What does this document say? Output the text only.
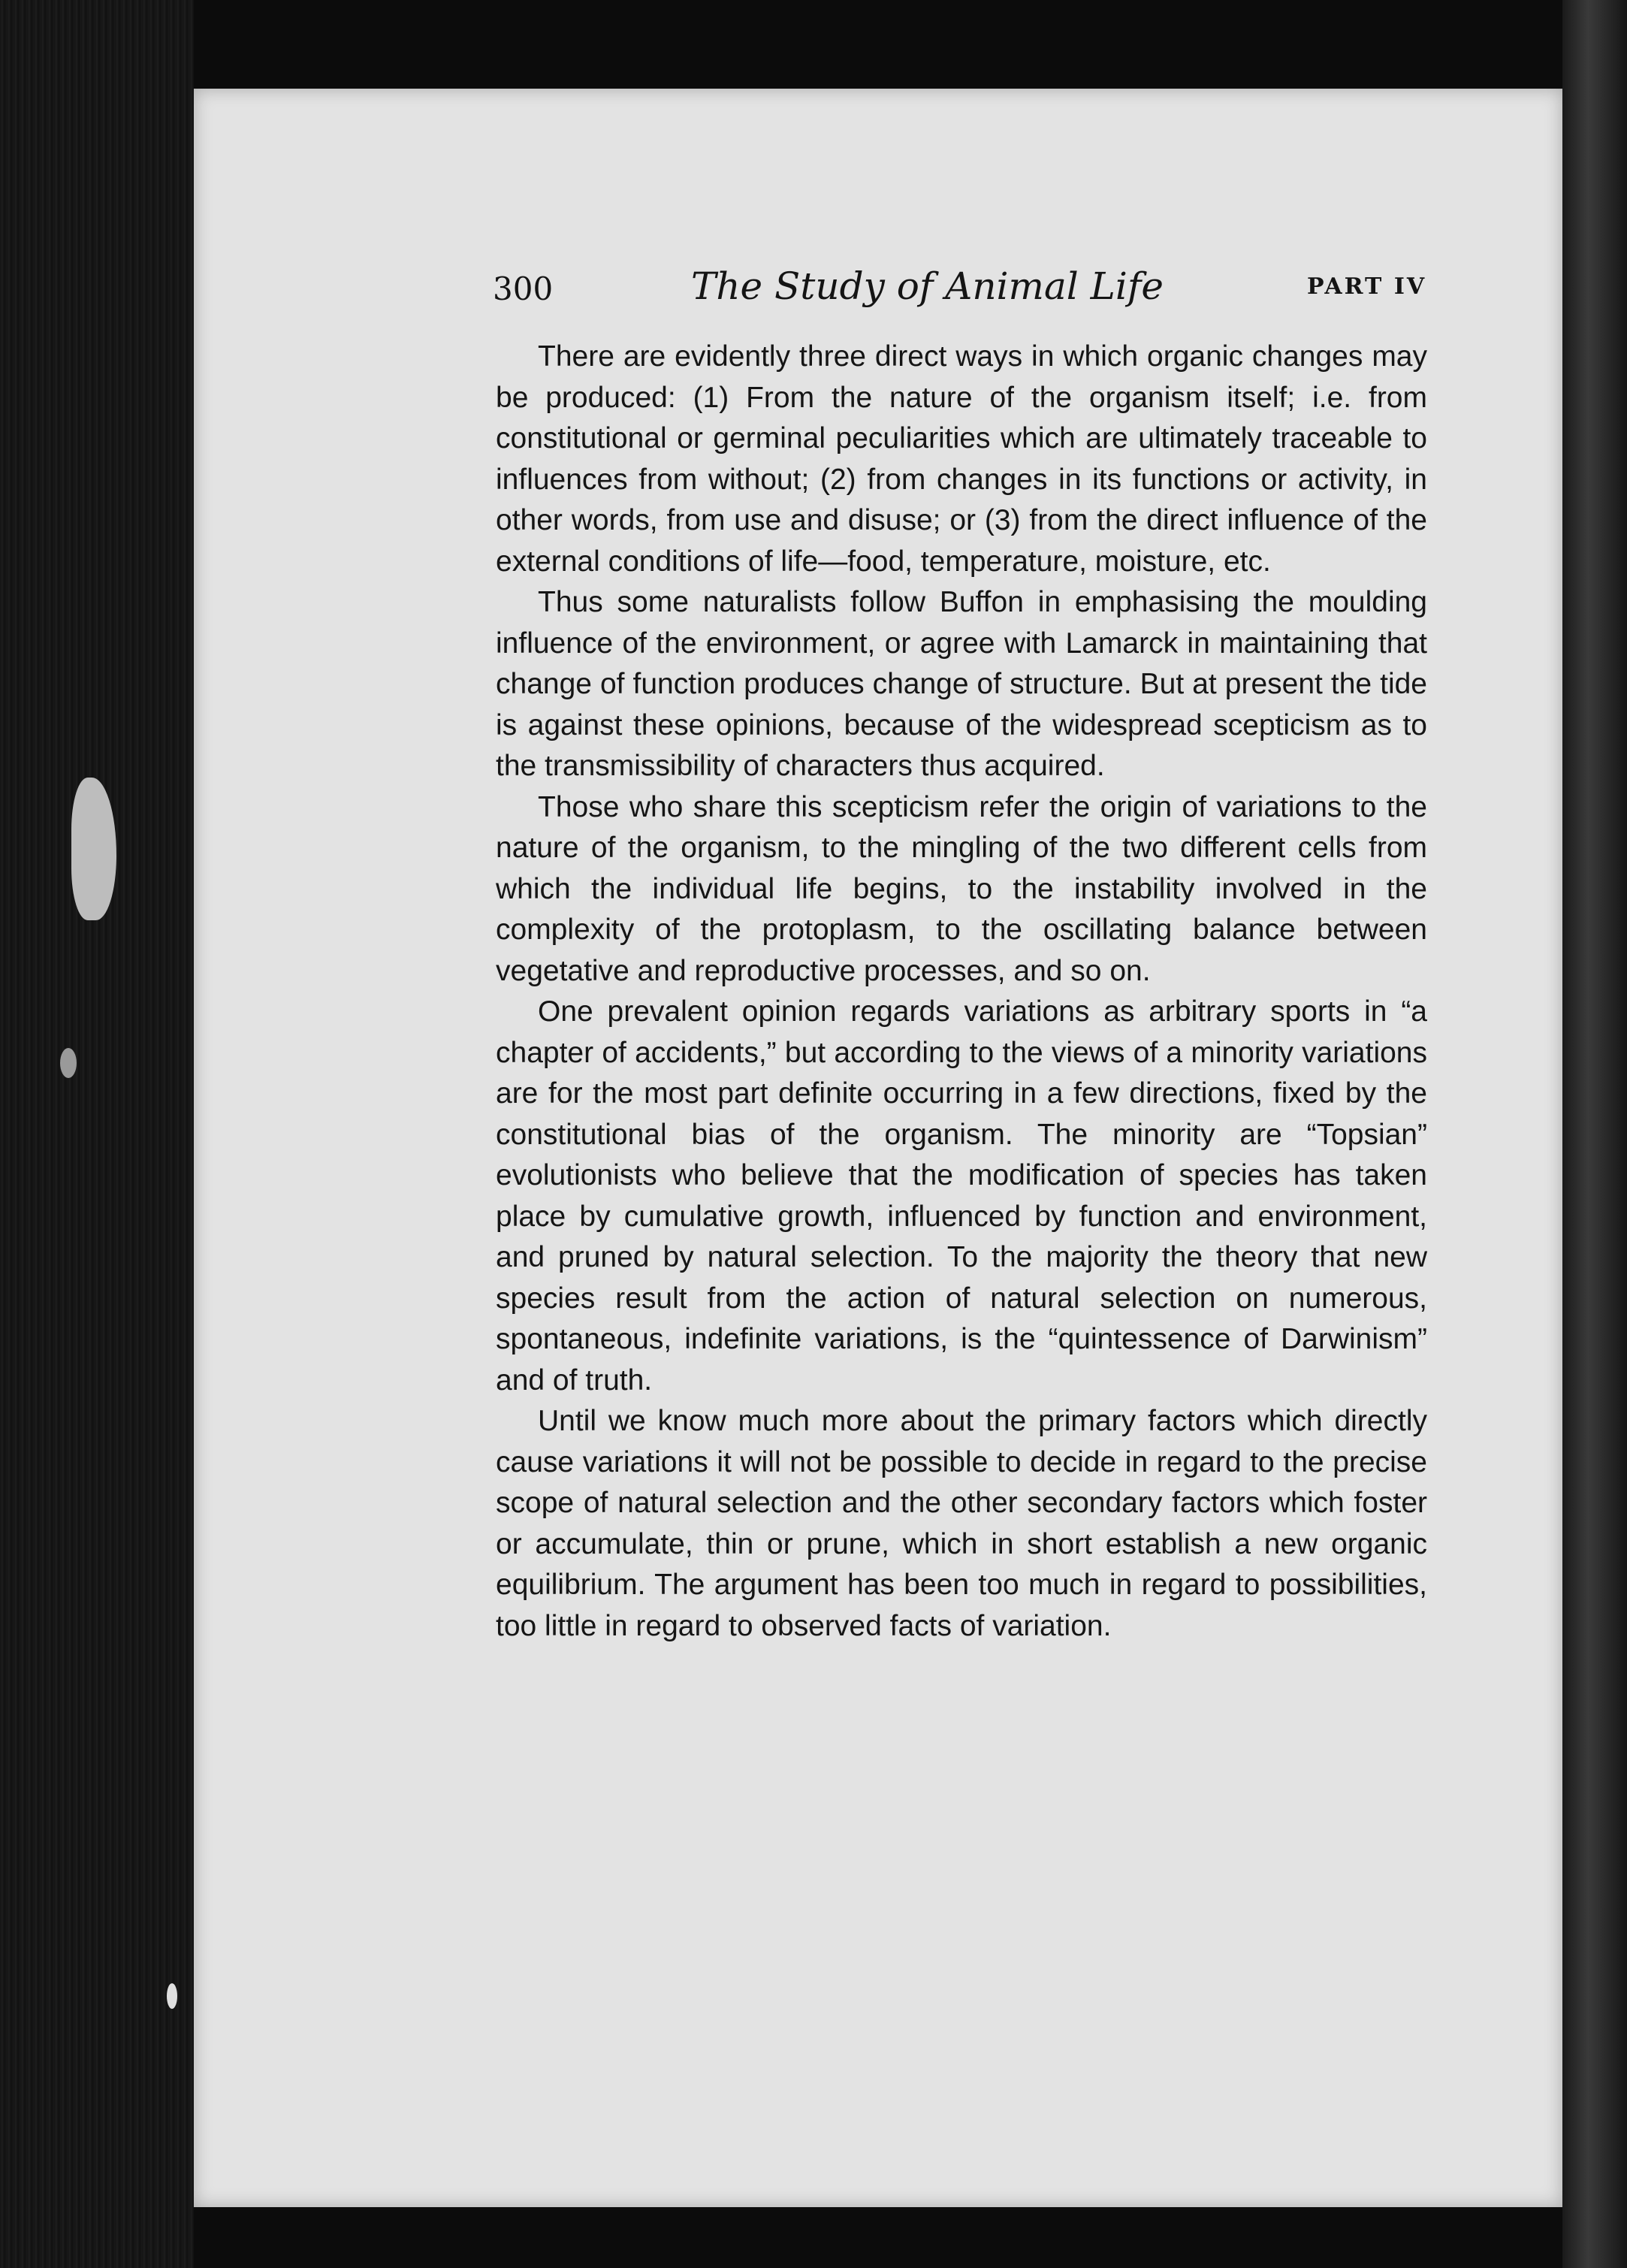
300	The Study of Animal Life	PART IV

There are evidently three direct ways in which organic changes may be produced: (1) From the nature of the organism itself; i.e. from constitutional or germinal peculiarities which are ultimately traceable to influences from without; (2) from changes in its functions or activity, in other words, from use and disuse; or (3) from the direct influence of the external conditions of life—food, temperature, moisture, etc.

Thus some naturalists follow Buffon in emphasising the moulding influence of the environment, or agree with Lamarck in maintaining that change of function produces change of structure. But at present the tide is against these opinions, because of the widespread scepticism as to the transmissibility of characters thus acquired.

Those who share this scepticism refer the origin of variations to the nature of the organism, to the mingling of the two different cells from which the individual life begins, to the instability involved in the complexity of the protoplasm, to the oscillating balance between vegetative and reproductive processes, and so on.

One prevalent opinion regards variations as arbitrary sports in “a chapter of accidents,” but according to the views of a minority variations are for the most part definite occurring in a few directions, fixed by the constitutional bias of the organism. The minority are “Topsian” evolutionists who believe that the modification of species has taken place by cumulative growth, influenced by function and environment, and pruned by natural selection. To the majority the theory that new species result from the action of natural selection on numerous, spontaneous, indefinite variations, is the “quintessence of Darwinism” and of truth.

Until we know much more about the primary factors which directly cause variations it will not be possible to decide in regard to the precise scope of natural selection and the other secondary factors which foster or accumulate, thin or prune, which in short establish a new organic equilibrium. The argument has been too much in regard to possibilities, too little in regard to observed facts of variation.
